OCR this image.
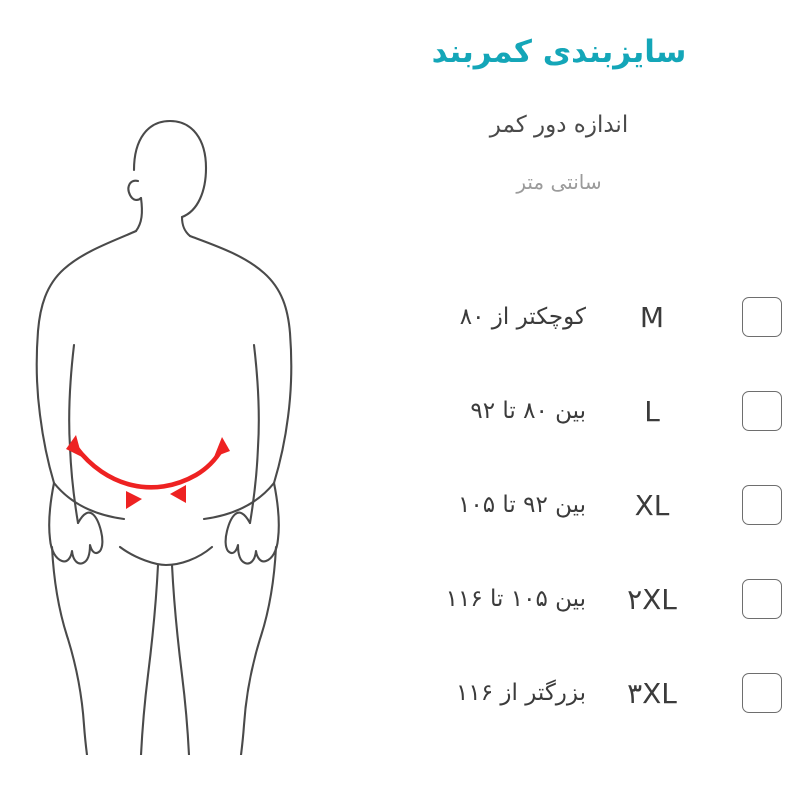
سایزبندی کمربند
اندازه دور کمر
سانتی متر
M
کوچکتر از ۸۰
L
بین ۸۰ تا ۹۲
XL
بین ۹۲ تا ۱۰۵
۲XL
بین ۱۰۵ تا ۱۱۶
۳XL
بزرگتر از ۱۱۶
